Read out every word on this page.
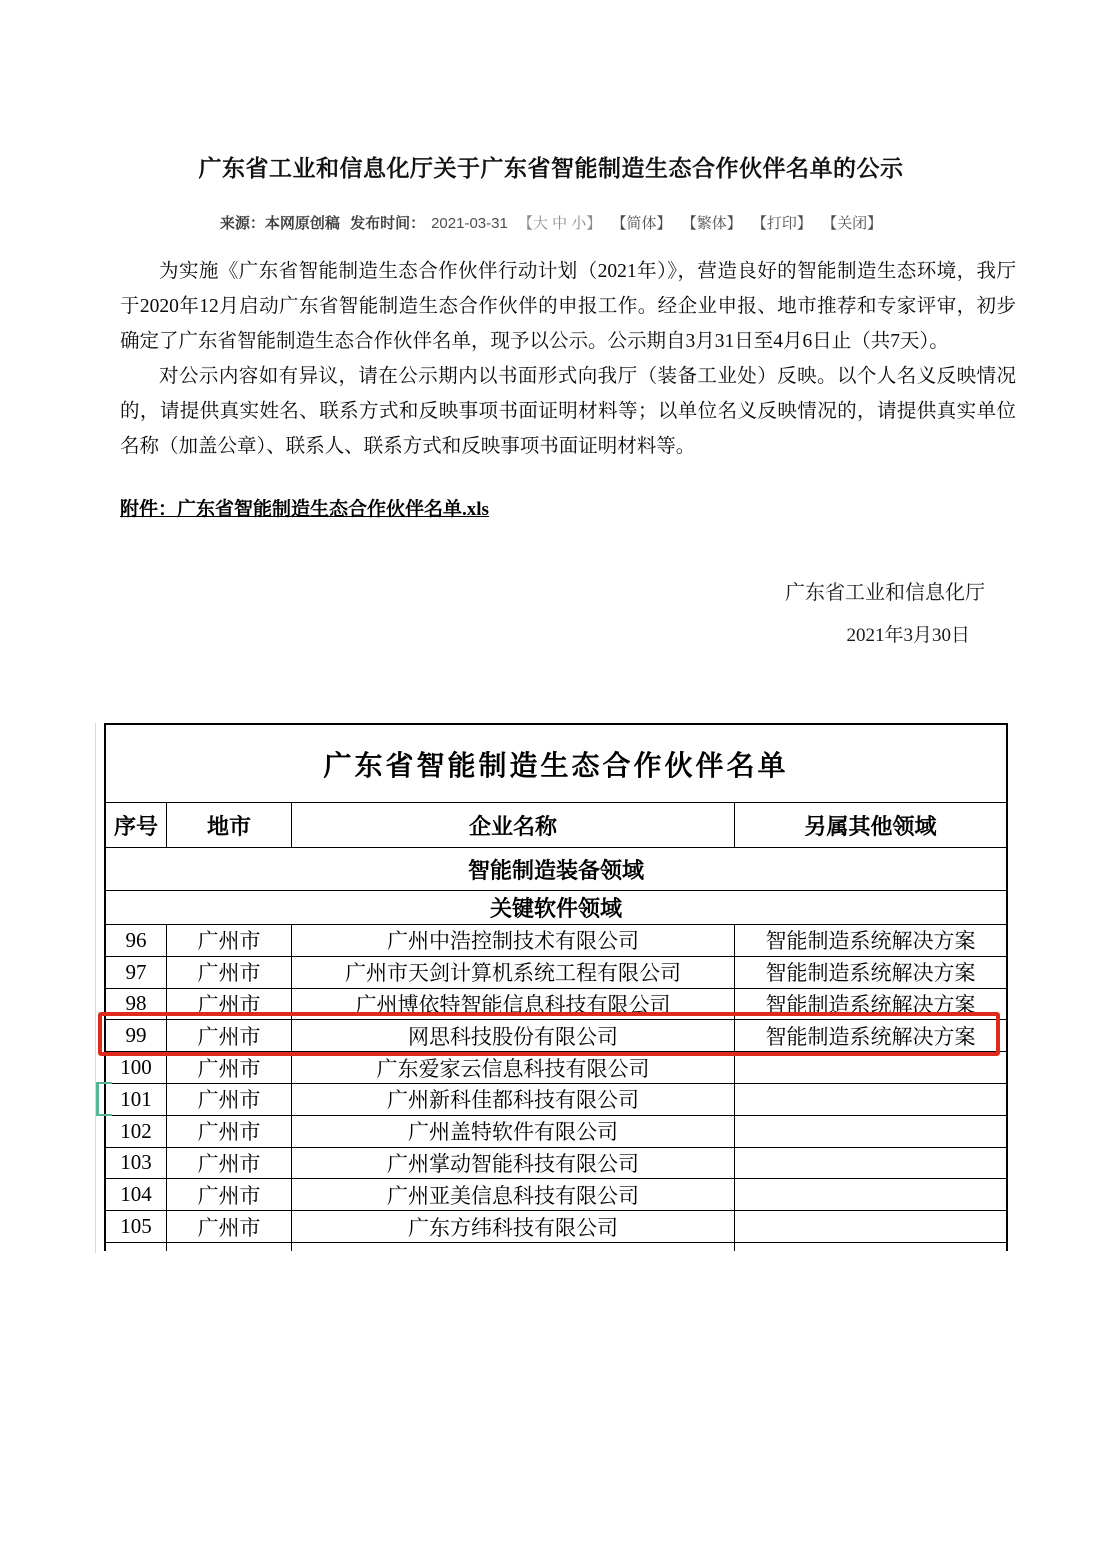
广东省工业和信息化厅关于广东省智能制造生态合作伙伴名单的公示
来源：本网原创稿 发布时间： 2021-03-31 【大 中 小】 【简体】 【繁体】 【打印】 【关闭】
为实施《广东省智能制造生态合作伙伴行动计划（2021年）》，营造良好的智能制造生态环境，我厅于2020年12月启动广东省智能制造生态合作伙伴的申报工作。经企业申报、地市推荐和专家评审，初步确定了广东省智能制造生态合作伙伴名单，现予以公示。公示期自3月31日至4月6日止（共7天）。
对公示内容如有异议，请在公示期内以书面形式向我厅（装备工业处）反映。以个人名义反映情况的，请提供真实姓名、联系方式和反映事项书面证明材料等；以单位名义反映情况的，请提供真实单位名称（加盖公章）、联系人、联系方式和反映事项书面证明材料等。
附件：广东省智能制造生态合作伙伴名单.xls
广东省工业和信息化厅
2021年3月30日
广东省智能制造生态合作伙伴名单
序号	地市	企业名称	另属其他领域
智能制造装备领域
关键软件领域
96	广州市	广州中浩控制技术有限公司	智能制造系统解决方案
97	广州市	广州市天剑计算机系统工程有限公司	智能制造系统解决方案
98	广州市	广州博依特智能信息科技有限公司	智能制造系统解决方案
99	广州市	网思科技股份有限公司	智能制造系统解决方案
100	广州市	广东爱家云信息科技有限公司
101	广州市	广州新科佳都科技有限公司
102	广州市	广州盖特软件有限公司
103	广州市	广州掌动智能科技有限公司
104	广州市	广州亚美信息科技有限公司
105	广州市	广东方纬科技有限公司
